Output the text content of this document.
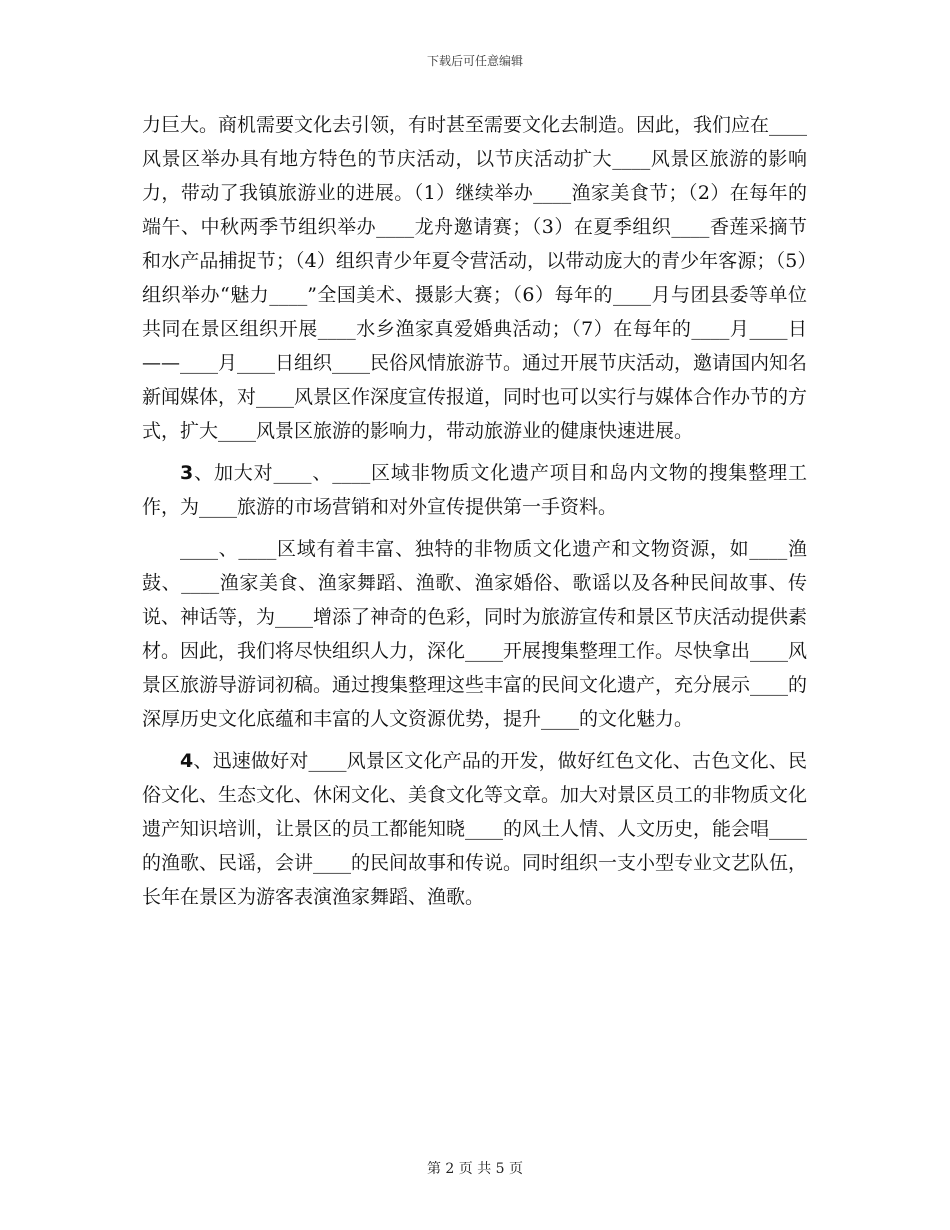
下载后可任意编辑

力巨大。商机需要文化去引领，有时甚至需要文化去制造。因此，我们应在____风景区举办具有地方特色的节庆活动，以节庆活动扩大____风景区旅游的影响力，带动了我镇旅游业的进展。（1）继续举办____渔家美食节；（2）在每年的端午、中秋两季节组织举办____龙舟邀请赛；（3）在夏季组织____香莲采摘节和水产品捕捉节；（4）组织青少年夏令营活动，以带动庞大的青少年客源；（5）组织举办“魅力____”全国美术、摄影大赛；（6）每年的____月与团县委等单位共同在景区组织开展____水乡渔家真爱婚典活动；（7）在每年的____月____日——____月____日组织____民俗风情旅游节。通过开展节庆活动，邀请国内知名新闻媒体，对____风景区作深度宣传报道，同时也可以实行与媒体合作办节的方式，扩大____风景区旅游的影响力，带动旅游业的健康快速进展。

3、加大对____、____区域非物质文化遗产项目和岛内文物的搜集整理工作，为____旅游的市场营销和对外宣传提供第一手资料。

____、____区域有着丰富、独特的非物质文化遗产和文物资源，如____渔鼓、____渔家美食、渔家舞蹈、渔歌、渔家婚俗、歌谣以及各种民间故事、传说、神话等，为____增添了神奇的色彩，同时为旅游宣传和景区节庆活动提供素材。因此，我们将尽快组织人力，深化____开展搜集整理工作。尽快拿出____风景区旅游导游词初稿。通过搜集整理这些丰富的民间文化遗产，充分展示____的深厚历史文化底蕴和丰富的人文资源优势，提升____的文化魅力。

4、迅速做好对____风景区文化产品的开发，做好红色文化、古色文化、民俗文化、生态文化、休闲文化、美食文化等文章。加大对景区员工的非物质文化遗产知识培训，让景区的员工都能知晓____的风土人情、人文历史，能会唱____的渔歌、民谣，会讲____的民间故事和传说。同时组织一支小型专业文艺队伍，长年在景区为游客表演渔家舞蹈、渔歌。

第 2 页 共 5 页
